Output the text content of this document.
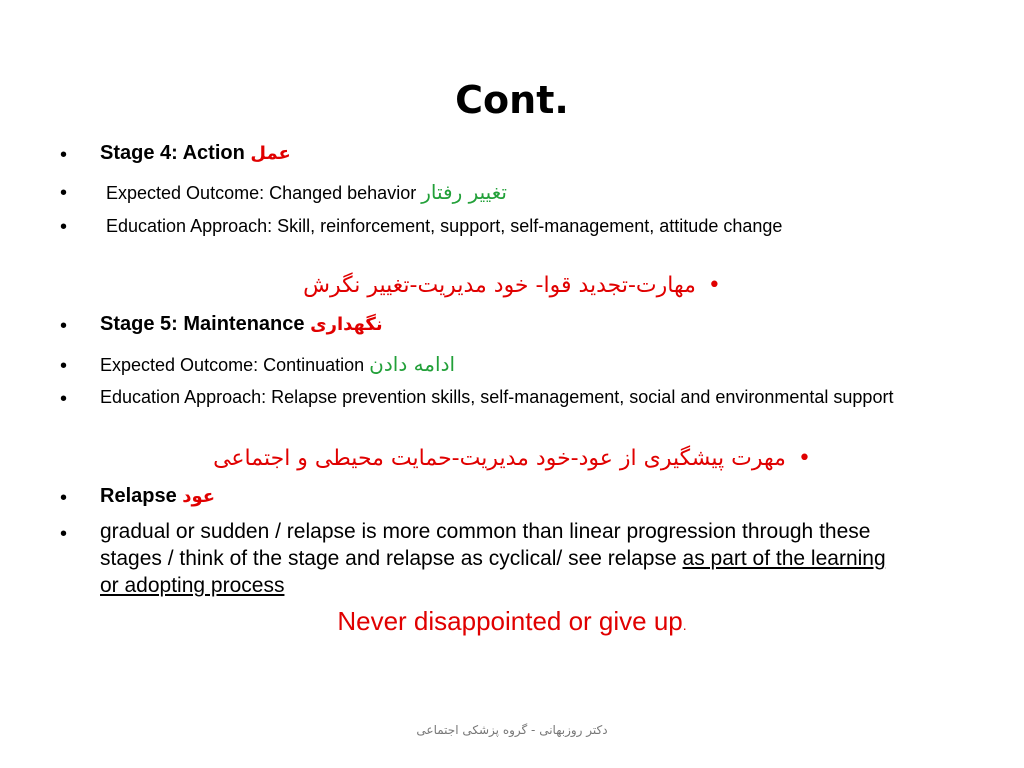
Cont.
• Stage 4: Action عمل
• Expected Outcome: Changed behavior تغییر رفتار
•	Education Approach: Skill, reinforcement, support, self-management, attitude change
مهارت-تجدید قوا- خود مدیریت-تغییر نگرش •
• Stage 5: Maintenance نگهداری
• Expected Outcome: Continuation ادامه دادن
• Education Approach: Relapse prevention skills, self-management, social and environmental support
مهرت پیشگیری از عود-خود مدیریت-حمایت محیطی و اجتماعی •
• Relapse عود
• gradual or sudden / relapse is more common than linear progression through these stages / think of the stage and relapse as cyclical/ see relapse as part of the learning or adopting process
Never disappointed or give up.
دکتر روزبهانی - گروه پزشکی اجتماعی
